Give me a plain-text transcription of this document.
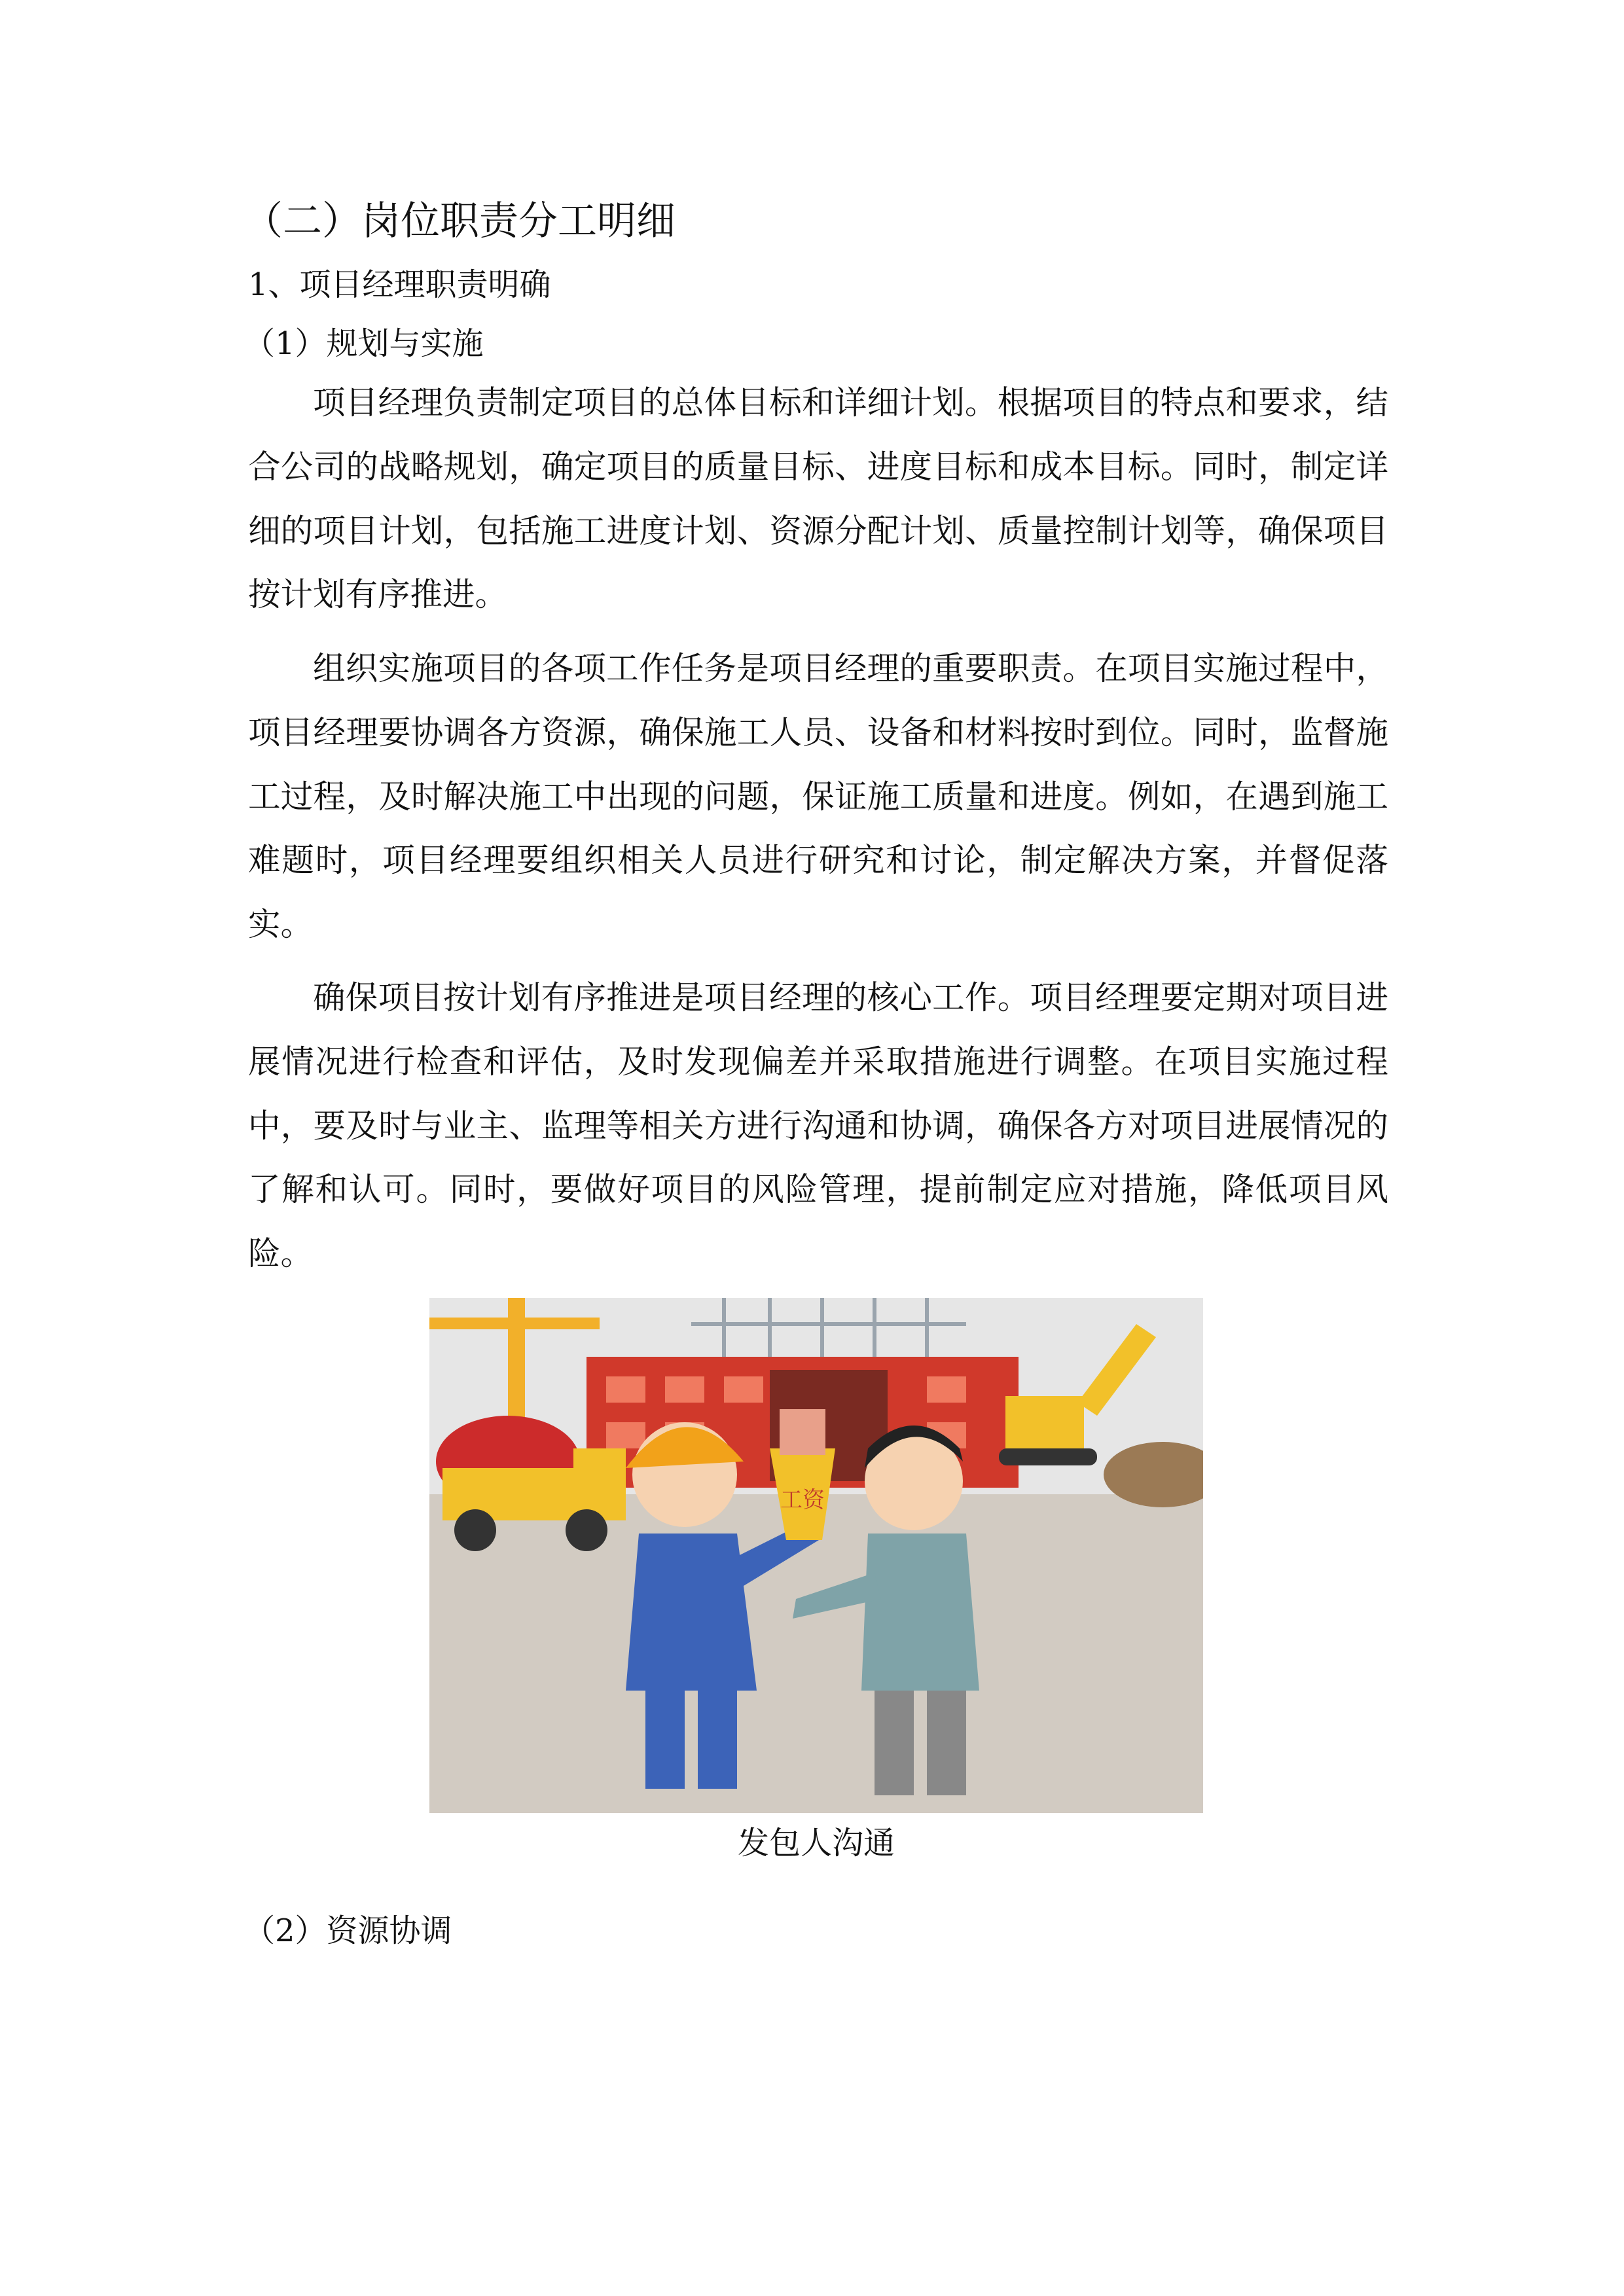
（二）岗位职责分工明细
1、项目经理职责明确
（1）规划与实施
项目经理负责制定项目的总体目标和详细计划。根据项目的特点和要求，结合公司的战略规划，确定项目的质量目标、进度目标和成本目标。同时，制定详细的项目计划，包括施工进度计划、资源分配计划、质量控制计划等，确保项目按计划有序推进。
组织实施项目的各项工作任务是项目经理的重要职责。在项目实施过程中，项目经理要协调各方资源，确保施工人员、设备和材料按时到位。同时，监督施工过程，及时解决施工中出现的问题，保证施工质量和进度。例如，在遇到施工难题时，项目经理要组织相关人员进行研究和讨论，制定解决方案，并督促落实。
确保项目按计划有序推进是项目经理的核心工作。项目经理要定期对项目进展情况进行检查和评估，及时发现偏差并采取措施进行调整。在项目实施过程中，要及时与业主、监理等相关方进行沟通和协调，确保各方对项目进展情况的了解和认可。同时，要做好项目的风险管理，提前制定应对措施，降低项目风险。
工资
发包人沟通
（2）资源协调
